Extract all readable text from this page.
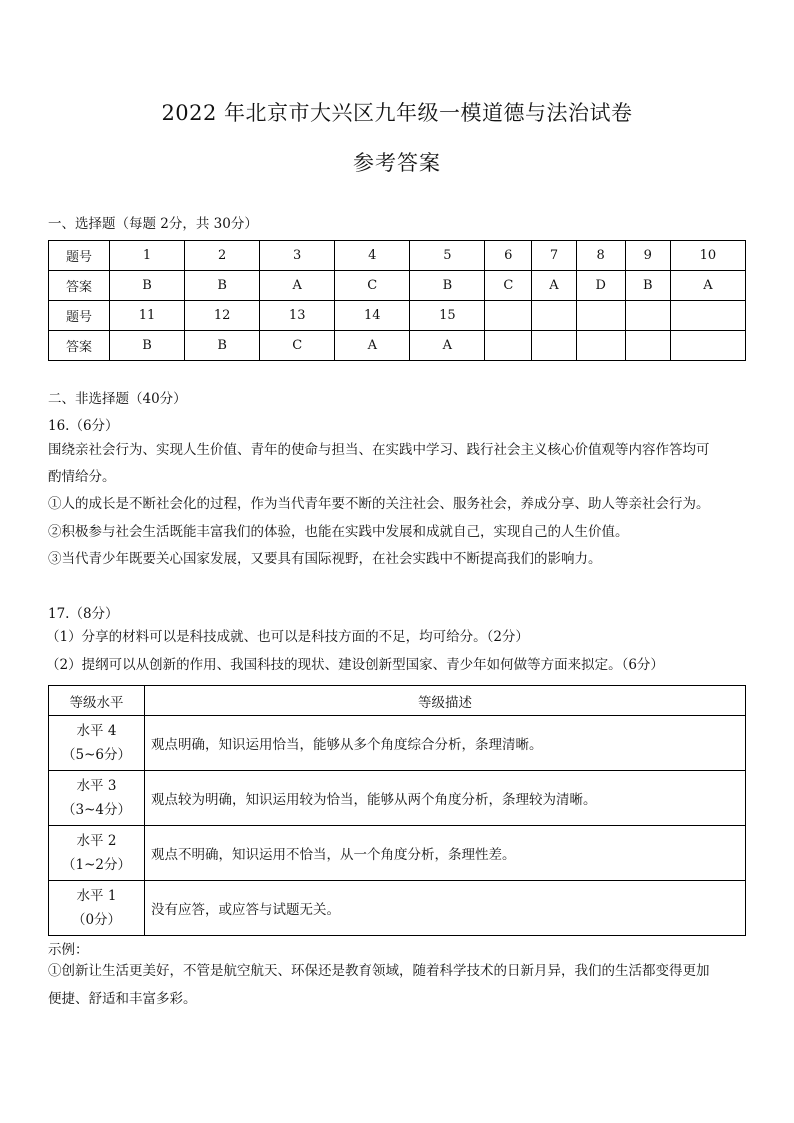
2022 年北京市大兴区九年级一模道德与法治试卷
参考答案
一、选择题（每题 2分，共 30分）
题号	1	2	3	4	5	6	7	8	9	10
答案	B	B	A	C	B	C	A	D	B	A
题号	11	12	13	14	15					
答案	B	B	C	A	A					
二、非选择题（40分）
16.（6分）
围绕亲社会行为、实现人生价值、青年的使命与担当、在实践中学习、践行社会主义核心价值观等内容作答均可
酌情给分。
①人的成长是不断社会化的过程，作为当代青年要不断的关注社会、服务社会，养成分享、助人等亲社会行为。
②积极参与社会生活既能丰富我们的体验，也能在实践中发展和成就自己，实现自己的人生价值。
③当代青少年既要关心国家发展，又要具有国际视野，在社会实践中不断提高我们的影响力。
17.（8分）
（1）分享的材料可以是科技成就、也可以是科技方面的不足，均可给分。（2分）
（2）提纲可以从创新的作用、我国科技的现状、建设创新型国家、青少年如何做等方面来拟定。（6分）
等级水平	等级描述

水平 4
（5~6分）	观点明确，知识运用恰当，能够从多个角度综合分析，条理清晰。

水平 3
（3~4分）	观点较为明确，知识运用较为恰当，能够从两个角度分析，条理较为清晰。

水平 2
（1~2分）	观点不明确，知识运用不恰当，从一个角度分析，条理性差。

水平 1
（0分）	没有应答，或应答与试题无关。
示例：
①创新让生活更美好，不管是航空航天、环保还是教育领域，随着科学技术的日新月异，我们的生活都变得更加
便捷、舒适和丰富多彩。
